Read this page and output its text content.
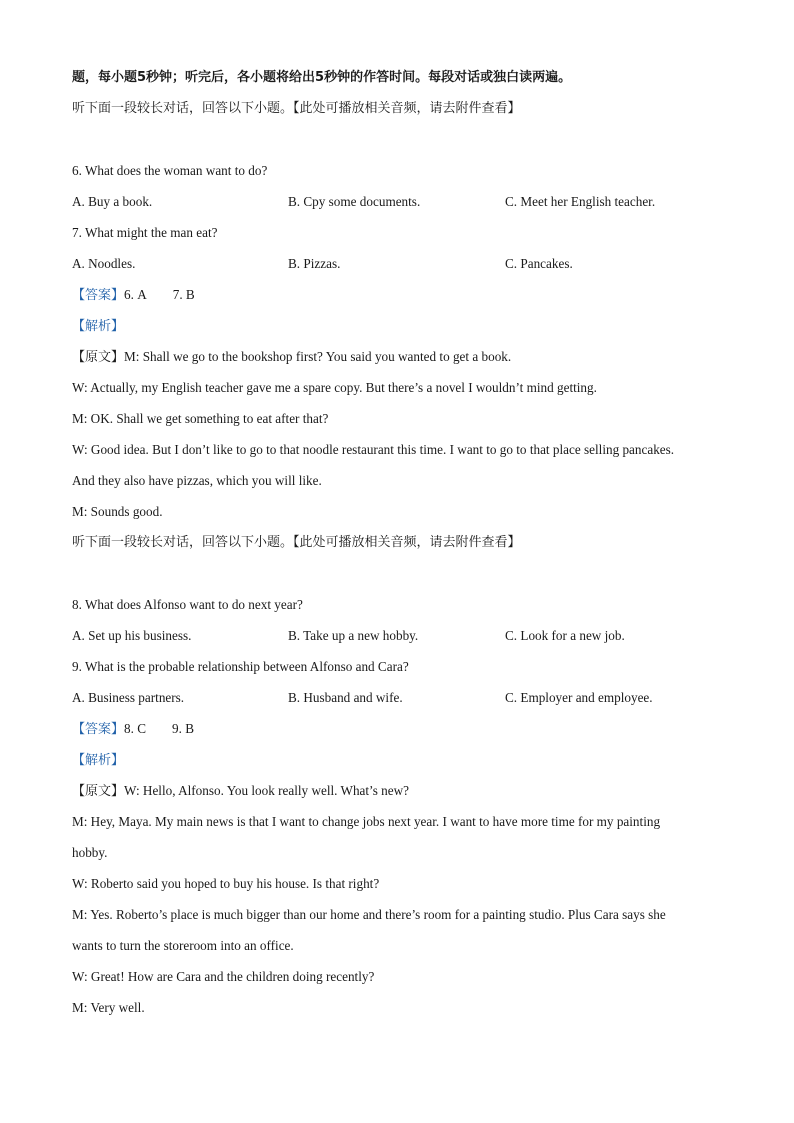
题，每小题5秒钟；听完后，各小题将给出5秒钟的作答时间。每段对话或独白读两遍。
听下面一段较长对话，回答以下小题。【此处可播放相关音频，请去附件查看】
6. What does the woman want to do?
A. Buy a book.	B. Cpy some documents.	C. Meet her English teacher.
7. What might the man eat?
A. Noodles.	B. Pizzas.	C. Pancakes.
【答案】6. A 7. B
【解析】
【原文】M: Shall we go to the bookshop first? You said you wanted to get a book.
W: Actually, my English teacher gave me a spare copy. But there’s a novel I wouldn’t mind getting.
M: OK. Shall we get something to eat after that?
W: Good idea. But I don’t like to go to that noodle restaurant this time. I want to go to that place selling pancakes.
And they also have pizzas, which you will like.
M: Sounds good.
听下面一段较长对话，回答以下小题。【此处可播放相关音频，请去附件查看】
8. What does Alfonso want to do next year?
A. Set up his business.	B. Take up a new hobby.	C. Look for a new job.
9. What is the probable relationship between Alfonso and Cara?
A. Business partners.	B. Husband and wife.	C. Employer and employee.
【答案】8. C 9. B
【解析】
【原文】W: Hello, Alfonso. You look really well. What’s new?
M: Hey, Maya. My main news is that I want to change jobs next year. I want to have more time for my painting
hobby.
W: Roberto said you hoped to buy his house. Is that right?
M: Yes. Roberto’s place is much bigger than our home and there’s room for a painting studio. Plus Cara says she
wants to turn the storeroom into an office.
W: Great! How are Cara and the children doing recently?
M: Very well.
